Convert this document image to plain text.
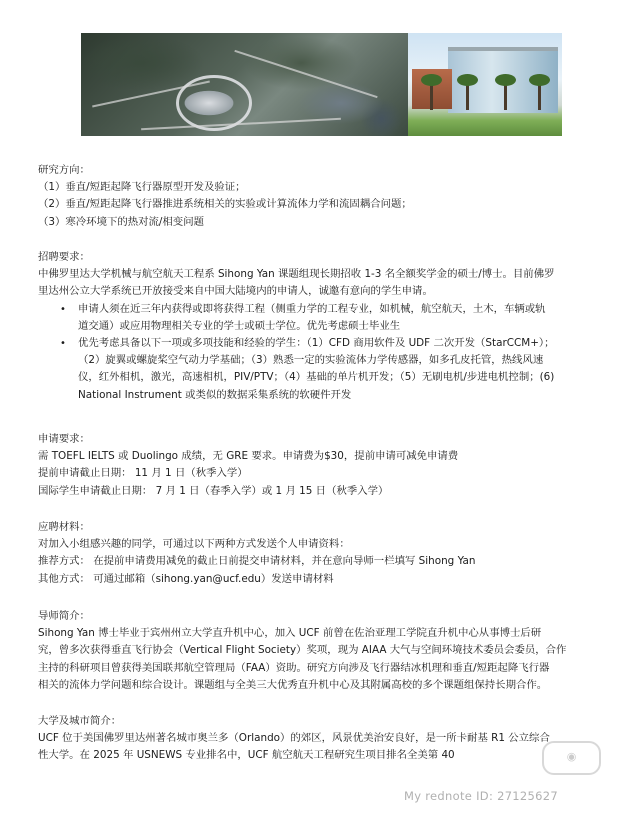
研究方向：
（1）垂直/短距起降飞行器原型开发及验证；
（2）垂直/短距起降飞行器推进系统相关的实验或计算流体力学和流固耦合问题；
（3）寒冷环境下的热对流/相变问题
招聘要求：
中佛罗里达大学机械与航空航天工程系 Sihong Yan 课题组现长期招收 1-3 名全额奖学金的硕士/博士。目前佛罗
里达州公立大学系统已开放接受来自中国大陆境内的申请人，诚邀有意向的学生申请。
• 申请人须在近三年内获得或即将获得工程（侧重力学的工程专业，如机械，航空航天，土木，车辆或轨
道交通）或应用物理相关专业的学士或硕士学位。优先考虑硕士毕业生
• 优先考虑具备以下一项或多项技能和经验的学生：（1）CFD 商用软件及 UDF 二次开发（StarCCM+）；
（2）旋翼或螺旋桨空气动力学基础；（3）熟悉一定的实验流体力学传感器，如多孔皮托管，热线风速
仪，红外相机，激光，高速相机，PIV/PTV；（4）基础的单片机开发；（5）无刷电机/步进电机控制；(6)
National Instrument 或类似的数据采集系统的软硬件开发
申请要求：
需 TOEFL IELTS 或 Duolingo 成绩，无 GRE 要求。申请费为$30，提前申请可减免申请费
提前申请截止日期： 11 月 1 日（秋季入学）
国际学生申请截止日期： 7 月 1 日（春季入学）或 1 月 15 日（秋季入学）
应聘材料：
对加入小组感兴趣的同学，可通过以下两种方式发送个人申请资料：
推荐方式： 在提前申请费用减免的截止日前提交申请材料，并在意向导师一栏填写 Sihong Yan
其他方式： 可通过邮箱（sihong.yan@ucf.edu）发送申请材料
导师简介：
Sihong Yan 博士毕业于宾州州立大学直升机中心，加入 UCF 前曾在佐治亚理工学院直升机中心从事博士后研
究，曾多次获得垂直飞行协会（Vertical Flight Society）奖项，现为 AIAA 大气与空间环境技术委员会委员，合作
主持的科研项目曾获得美国联邦航空管理局（FAA）资助。研究方向涉及飞行器结冰机理和垂直/短距起降飞行器
相关的流体力学问题和综合设计。课题组与全美三大优秀直升机中心及其附属高校的多个课题组保持长期合作。
大学及城市简介：
UCF 位于美国佛罗里达州著名城市奥兰多（Orlando）的郊区，风景优美治安良好，是一所卡耐基 R1 公立综合
性大学。在 2025 年 USNEWS 专业排名中，UCF 航空航天工程研究生项目排名全美第 40	◉
My rednote ID: 27125627
